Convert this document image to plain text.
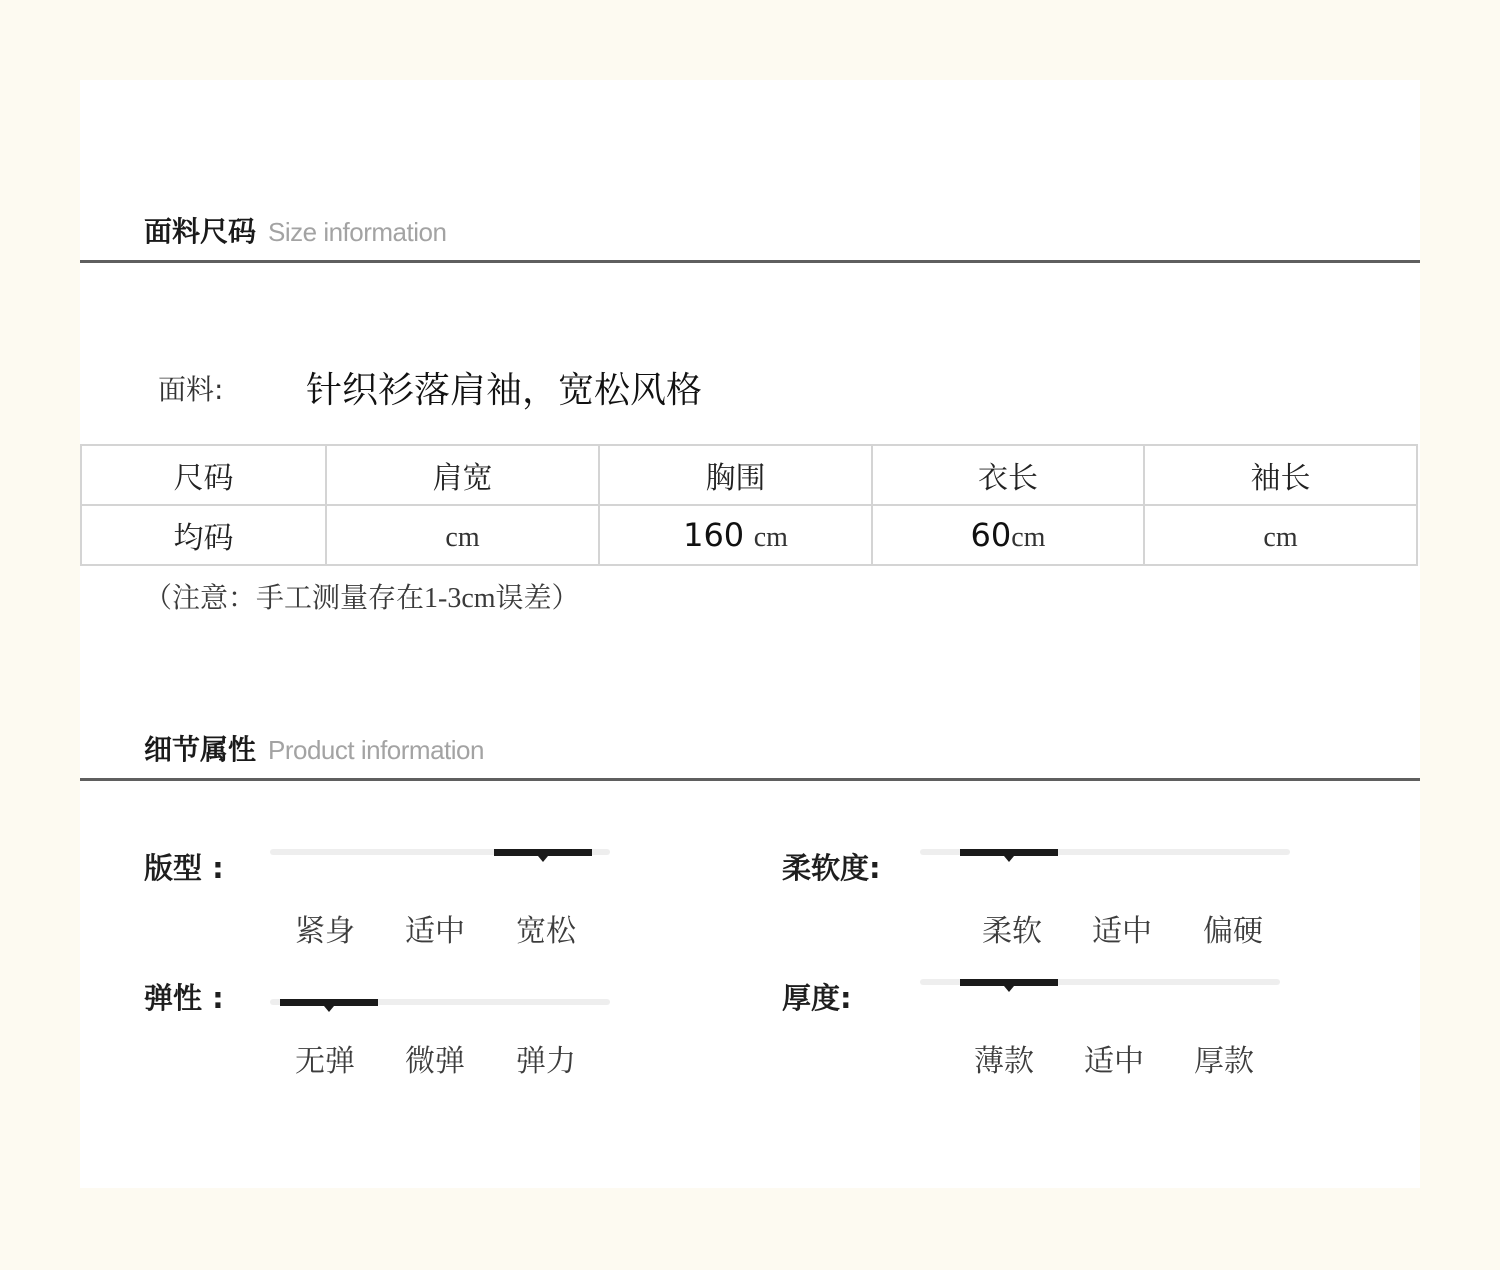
面料尺码 Size information
面料: 针织衫落肩袖，宽松风格
尺码	肩宽	胸围	衣长	袖长
均码	cm	160 cm	60cm	cm
（注意：手工测量存在1-3cm误差）
细节属性 Product information
版型 :
紧身	适中	宽松
弹性 :
无弹	微弹	弹力
柔软度:
柔软	适中	偏硬
厚度:
薄款	适中	厚款
